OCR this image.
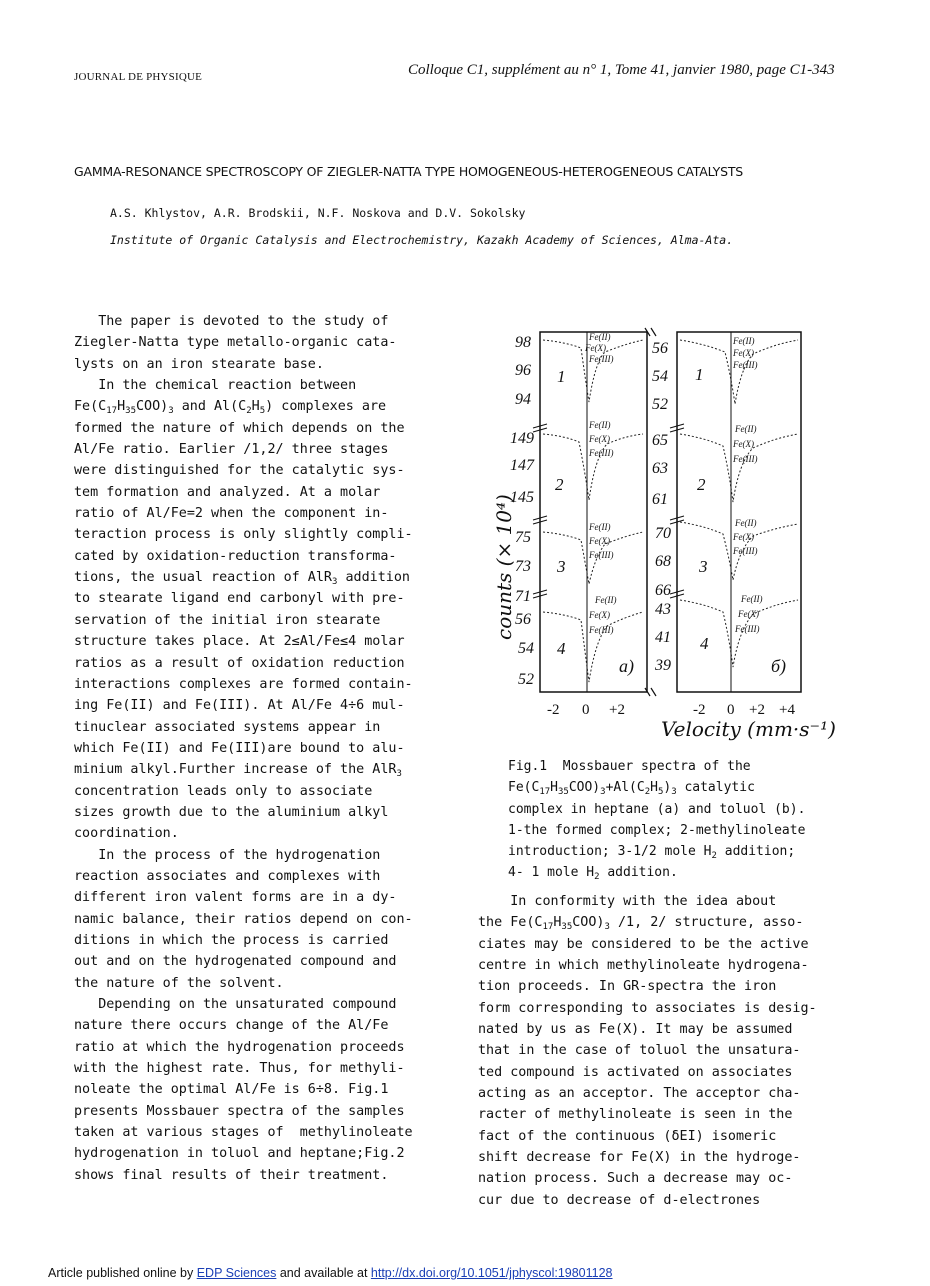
JOURNAL DE PHYSIQUE	Colloque C1, supplément au n° 1, Tome 41, janvier 1980, page C1-343
GAMMA-RESONANCE SPECTROSCOPY OF ZIEGLER-NATTA TYPE HOMOGENEOUS-HETEROGENEOUS CATALYSTS
A.S. Khlystov, A.R. Brodskii, N.F. Noskova and D.V. Sokolsky
Institute of Organic Catalysis and Electrochemistry, Kazakh Academy of Sciences, Alma-Ata.
The paper is devoted to the study of
Ziegler-Natta type metallo-organic cata-
lysts on an iron stearate base.
In the chemical reaction between
$Fe(C_{17}H_{35}COO)_3$ and $Al(C_2H_5)$ complexes are
formed the nature of which depends on the
Al/Fe ratio. Earlier /1,2/ three stages
were distinguished for the catalytic sys-
tem formation and analyzed. At a molar
ratio of Al/Fe=2 when the component in-
teraction process is only slightly compli-
cated by oxidation-reduction transforma-
tions, the usual reaction of AlR$_3$ addition
to stearate ligand end carbonyl with pre-
servation of the initial iron stearate
structure takes place. At 2≤Al/Fe≤4 molar
ratios as a result of oxidation reduction
interactions complexes are formed contain-
ing Fe(II) and Fe(III). At Al/Fe 4÷6 mul-
tinuclear associated systems appear in
which Fe(II) and Fe(III)are bound to alu-
minium alkyl.Further increase of the AlR$_3$
concentration leads only to associate
sizes growth due to the aluminium alkyl
coordination.
In the process of the hydrogenation
reaction associates and complexes with
different iron valent forms are in a dy-
namic balance, their ratios depend on con-
ditions in which the process is carried
out and on the hydrogenated compound and
the nature of the solvent.
Depending on the unsaturated compound
nature there occurs change of the Al/Fe
ratio at which the hydrogenation proceeds
with the highest rate. Thus, for methyli-
noleate the optimal Al/Fe is 6÷8. Fig.1
presents Mossbauer spectra of the samples
taken at various stages of  methylinoleate
hydrogenation in toluol and heptane;Fig.2
shows final results of their treatment.
counts (× 10⁴)
98
96
94
149
147
145
75
73
71
56
54
52
56
54
52
65
63
61
70
68
66
43
41
39
1
2
3
4
1
2
3
4
Fe(II)
Fe(X)
Fe(III)
Fe(II)
Fe(X)
Fe(III)
Fe(II)
Fe(X)
Fe(III)
Fe(II)
Fe(X)
Fe(III)
Fe(II)
Fe(X)
Fe(III)
Fe(II)
Fe(X)
Fe(III)
Fe(II)
Fe(X)
Fe(III)
Fe(II)
Fe(X)
Fe(III)
a)	б)
-2 0 +2	-2 0 +2 +4
Velocity (mm·s⁻¹)
Fig.1  Mossbauer spectra of the
$Fe(C_{17}H_{35}COO)_3+Al(C_2H_5)_3$ catalytic
complex in heptane (a) and toluol (b).
1-the formed complex; 2-methylinoleate
introduction; 3-1/2 mole $H_2$ addition;
4- 1 mole $H_2$ addition.
In conformity with the idea about
the $Fe(C_{17}H_{35}COO)_3$ /1, 2/ structure, asso-
ciates may be considered to be the active
centre in which methylinoleate hydrogena-
tion proceeds. In GR-spectra the iron
form corresponding to associates is desig-
nated by us as Fe(X). It may be assumed
that in the case of toluol the unsatura-
ted compound is activated on associates
acting as an acceptor. The acceptor cha-
racter of methylinoleate is seen in the
fact of the continuous (δEI) isomeric
shift decrease for Fe(X) in the hydroge-
nation process. Such a decrease may oc-
cur due to decrease of d-electrones
Article published online by EDP Sciences and available at http://dx.doi.org/10.1051/jphyscol:19801128
